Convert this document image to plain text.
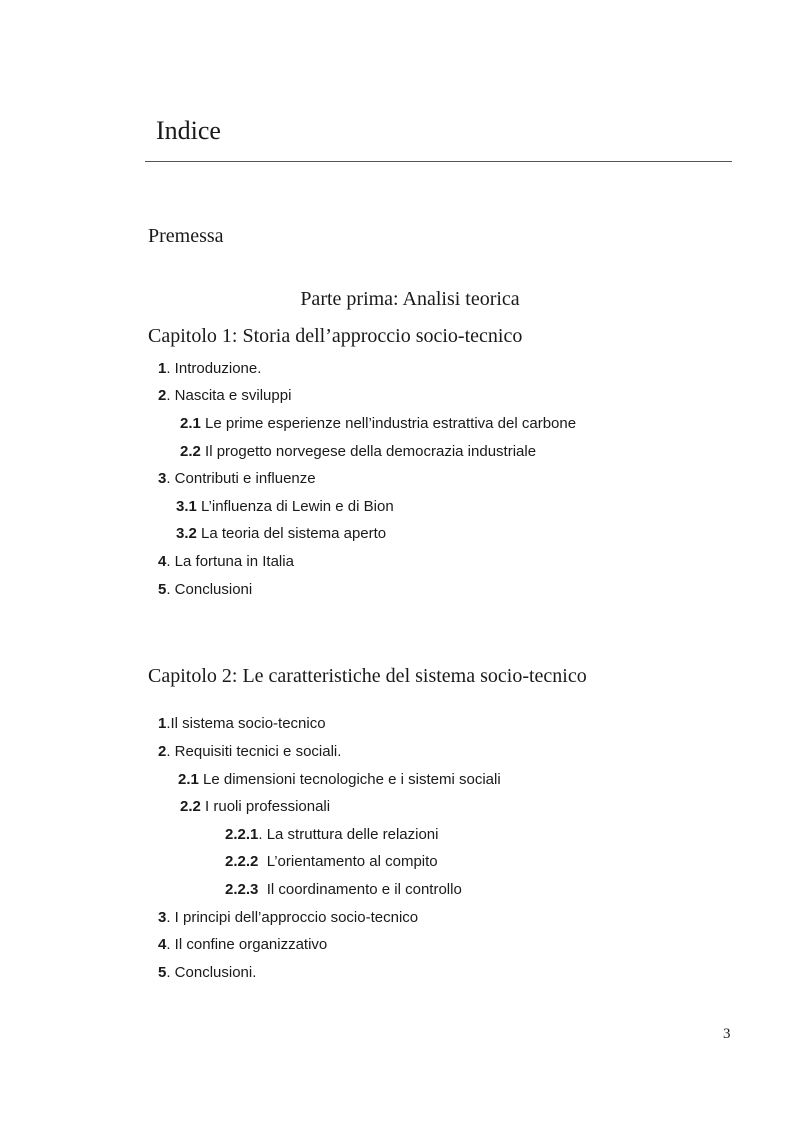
Indice
Premessa
Parte prima: Analisi teorica
Capitolo 1: Storia dell’approccio socio-tecnico
1. Introduzione.
2. Nascita e sviluppi
2.1 Le prime esperienze nell’industria estrattiva del carbone
2.2 Il progetto norvegese della democrazia industriale
3. Contributi e influenze
3.1 L’influenza di Lewin e di Bion
3.2 La teoria del sistema aperto
4. La fortuna in Italia
5. Conclusioni
Capitolo 2: Le caratteristiche del sistema socio-tecnico
1.Il sistema socio-tecnico
2. Requisiti tecnici e sociali.
2.1 Le dimensioni tecnologiche e i sistemi sociali
2.2 I ruoli professionali
2.2.1. La struttura delle relazioni
2.2.2  L’orientamento al compito
2.2.3  Il coordinamento e il controllo
3. I principi dell’approccio socio-tecnico
4. Il confine organizzativo
5. Conclusioni.
3
